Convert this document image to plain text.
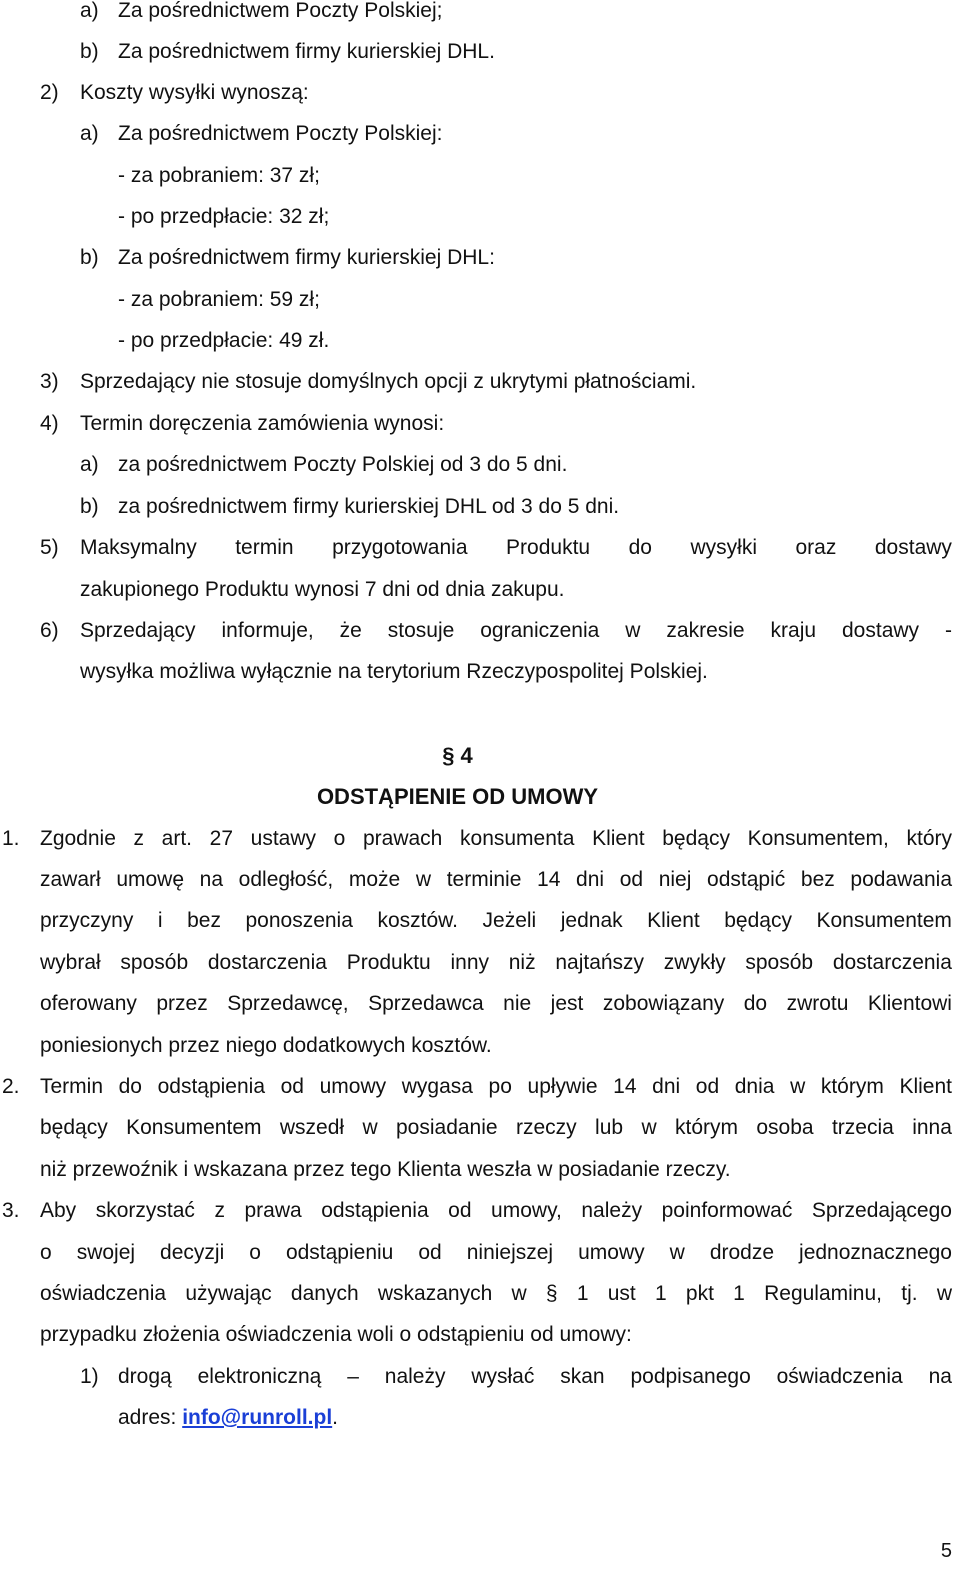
a) Za pośrednictwem Poczty Polskiej;
b) Za pośrednictwem firmy kurierskiej DHL.
2) Koszty wysyłki wynoszą:
a) Za pośrednictwem Poczty Polskiej:
- za pobraniem: 37 zł;
- po przedpłacie: 32 zł;
b) Za pośrednictwem firmy kurierskiej DHL:
- za pobraniem: 59 zł;
- po przedpłacie: 49 zł.
3) Sprzedający nie stosuje domyślnych opcji z ukrytymi płatnościami.
4) Termin doręczenia zamówienia wynosi:
a) za pośrednictwem Poczty Polskiej od 3 do 5 dni.
b) za pośrednictwem firmy kurierskiej DHL od 3 do 5 dni.
5)	Maksymalny termin przygotowania Produktu do wysyłki oraz dostawy
zakupionego Produktu wynosi 7 dni od dnia zakupu.
6)	Sprzedający informuje, że stosuje ograniczenia w zakresie kraju dostawy -
wysyłka możliwa wyłącznie na terytorium Rzeczypospolitej Polskiej.
§ 4
ODSTĄPIENIE OD UMOWY
1. Zgodnie z art. 27 ustawy o prawach konsumenta Klient będący Konsumentem, który
zawarł umowę na odległość, może w terminie 14 dni od niej odstąpić bez podawania
przyczyny i bez ponoszenia kosztów. Jeżeli jednak Klient będący Konsumentem
wybrał sposób dostarczenia Produktu inny niż najtańszy zwykły sposób dostarczenia
oferowany przez Sprzedawcę, Sprzedawca nie jest zobowiązany do zwrotu Klientowi
poniesionych przez niego dodatkowych kosztów.
2. Termin do odstąpienia od umowy wygasa po upływie 14 dni od dnia w którym Klient
będący Konsumentem wszedł w posiadanie rzeczy lub w którym osoba trzecia inna
niż przewoźnik i wskazana przez tego Klienta weszła w posiadanie rzeczy.
3. Aby skorzystać z prawa odstąpienia od umowy, należy poinformować Sprzedającego
o swojej decyzji o odstąpieniu od niniejszej umowy w drodze jednoznacznego
oświadczenia używając danych wskazanych w § 1 ust 1 pkt 1 Regulaminu, tj. w
przypadku złożenia oświadczenia woli o odstąpieniu od umowy:
1) drogą elektroniczną – należy wysłać skan podpisanego oświadczenia na
adres: info@runroll.pl.
5
